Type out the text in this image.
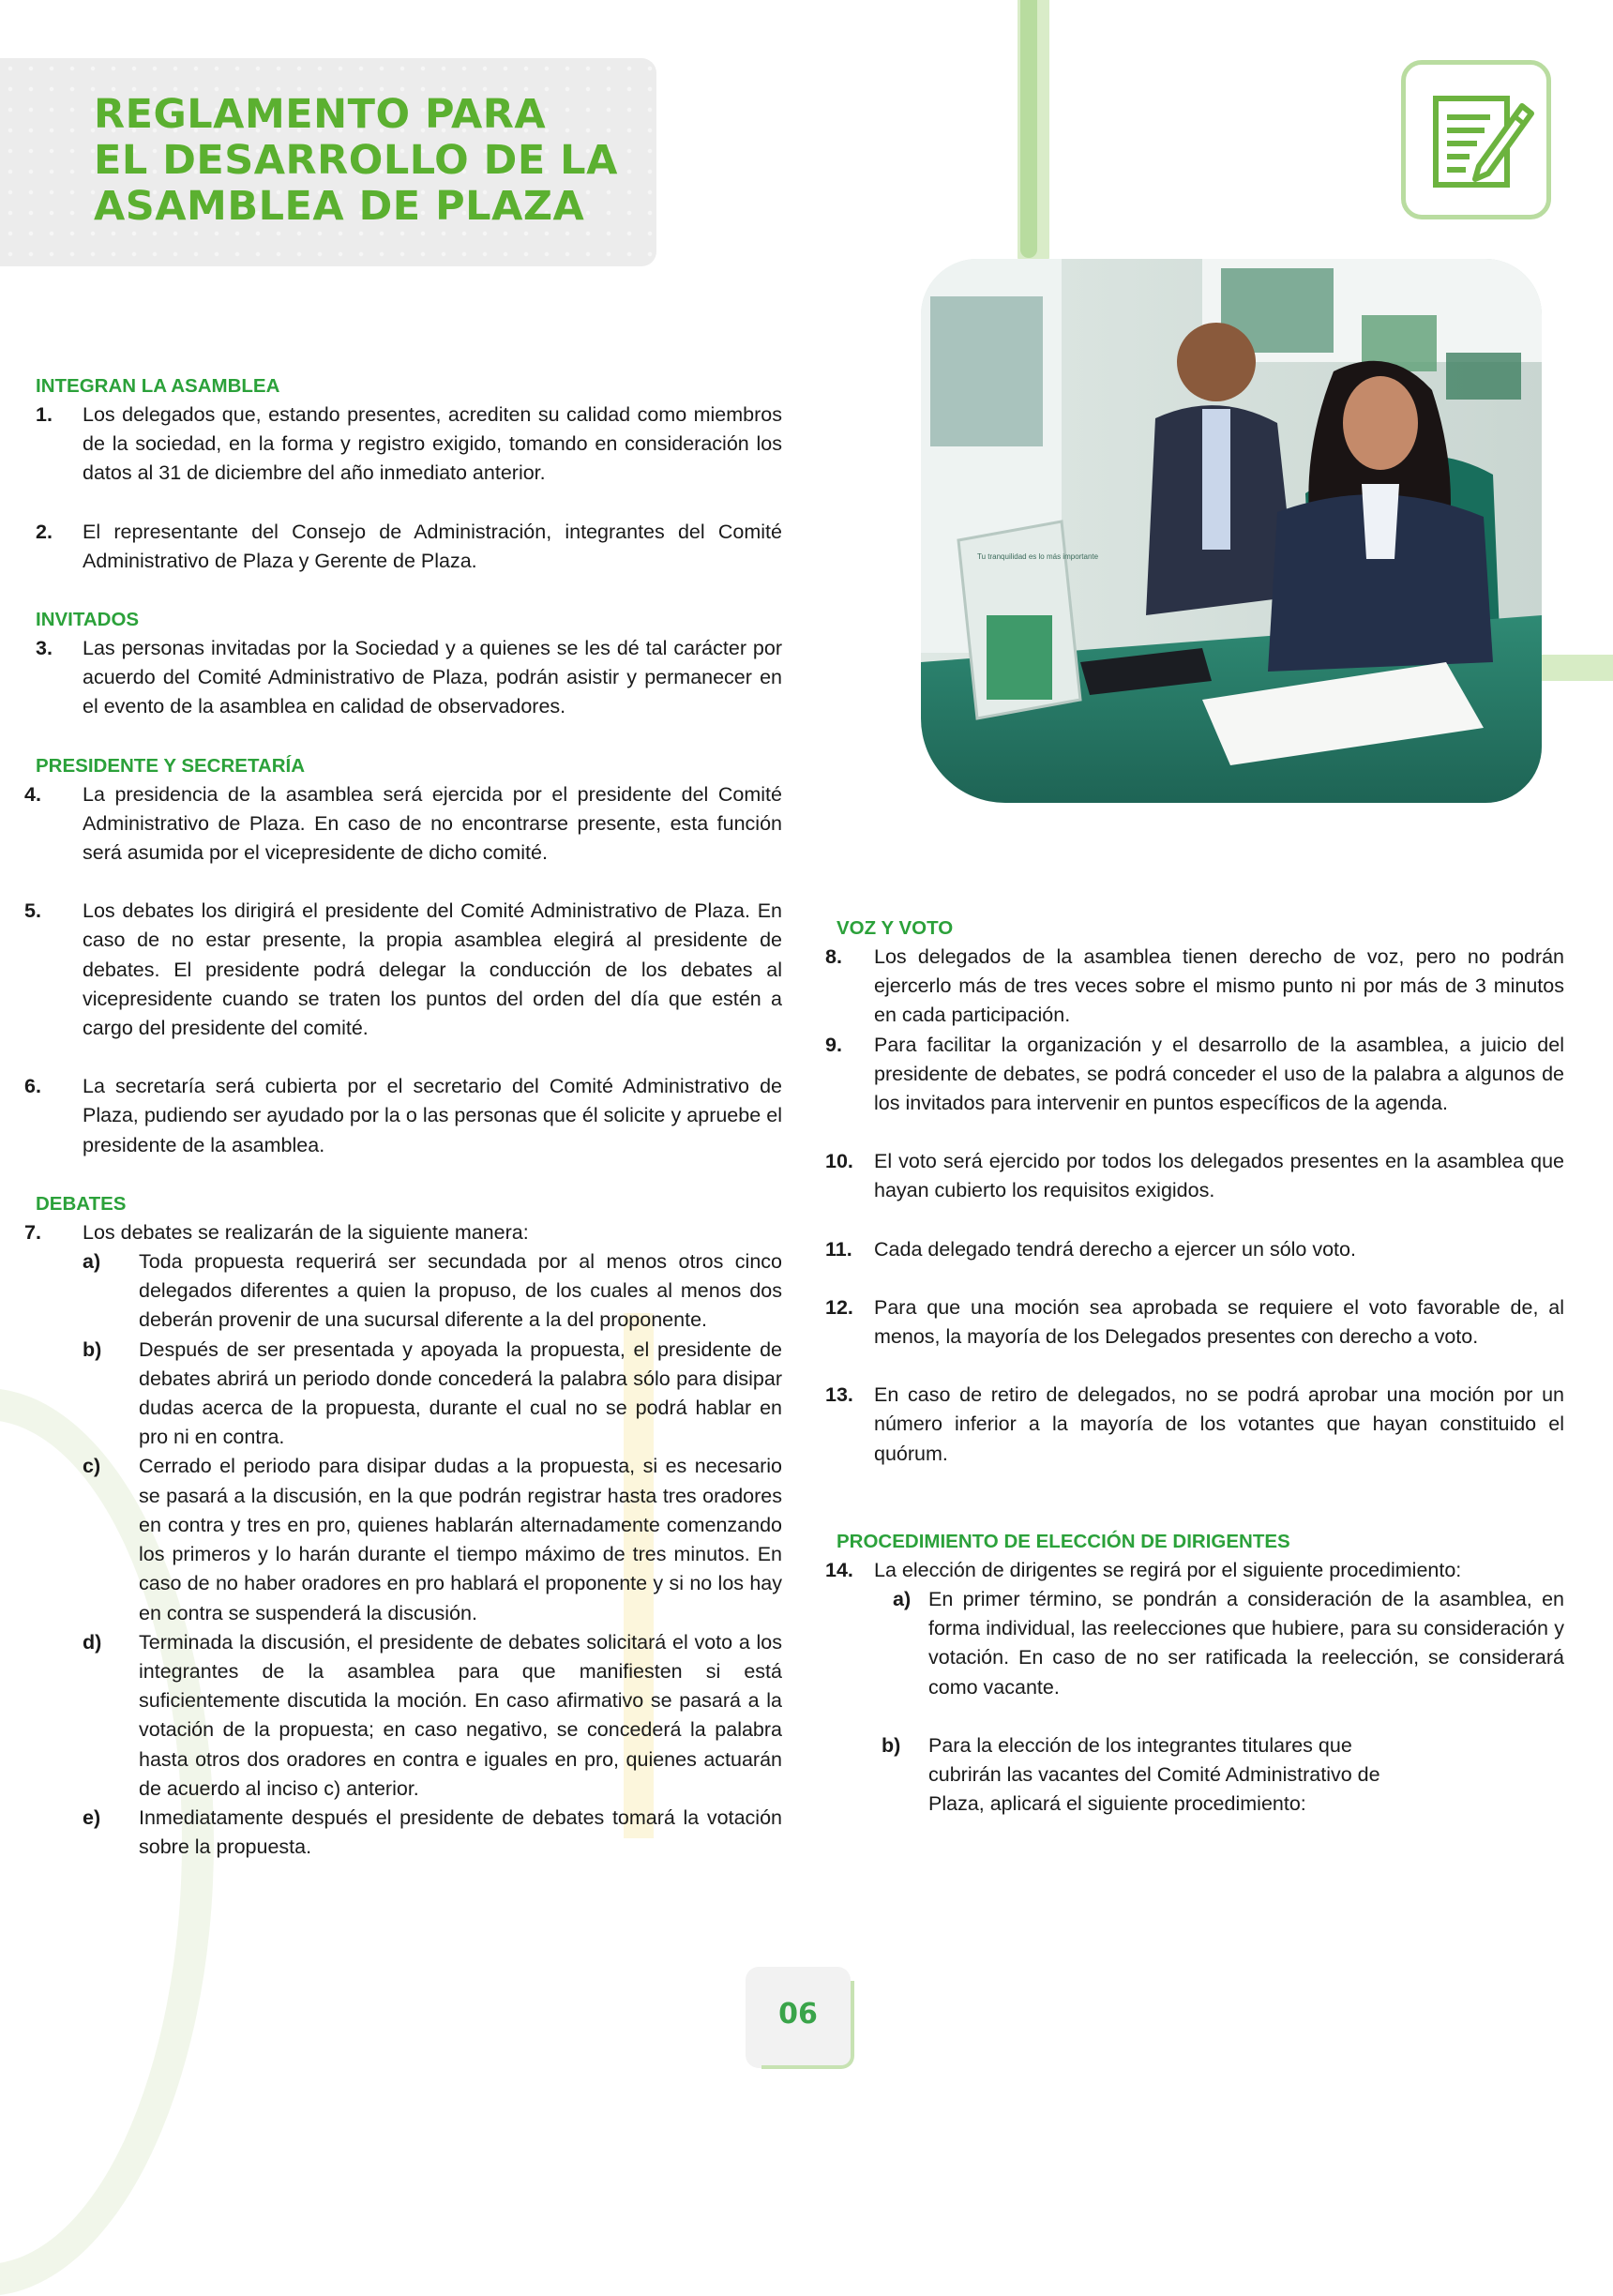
REGLAMENTO PARA
EL DESARROLLO DE LA
ASAMBLEA DE PLAZA
Tu tranquilidad es lo más importante

INTEGRAN LA ASAMBLEA

1.	Los delegados que, estando presentes, acrediten su calidad como miembros de la sociedad, en la forma y registro exigido, tomando en consideración los datos al 31 de diciembre del año inmediato anterior.
2.	El representante del Consejo de Administración, integrantes del Comité Administrativo de Plaza y Gerente de Plaza.

INVITADOS

3.	Las personas invitadas por la Sociedad y a quienes se les dé tal carácter por acuerdo del Comité Administrativo de Plaza, podrán asistir y permanecer en el evento de la asamblea en calidad de observadores.

PRESIDENTE Y SECRETARÍA

4.	La presidencia de la asamblea será ejercida por el presidente del Comité Administrativo de Plaza. En caso de no encontrarse presente, esta función será asumida por el vicepresidente de dicho comité.
5.	Los debates los dirigirá el presidente del Comité Administrativo de Plaza. En caso de no estar presente, la propia asamblea elegirá al presidente de debates. El presidente podrá delegar la conducción de los debates al vicepresidente cuando se traten los puntos del orden del día que estén a cargo del presidente del comité.
6.	La secretaría será cubierta por el secretario del Comité Administrativo de Plaza, pudiendo ser ayudado por la o las personas que él solicite y apruebe el presidente de la asamblea.

DEBATES

7.	Los debates se realizarán de la siguiente manera:
a)	Toda propuesta requerirá ser secundada por al menos otros cinco delegados diferentes a quien la propuso, de los cuales al menos dos deberán provenir de una sucursal diferente a la del proponente.
b)	Después de ser presentada y apoyada la propuesta, el presidente de debates abrirá un periodo donde concederá la palabra sólo para disipar dudas acerca de la propuesta, durante el cual no se podrá hablar en pro ni en contra.
c)	Cerrado el periodo para disipar dudas a la propuesta, si es necesario se pasará a la discusión, en la que podrán registrar hasta tres oradores en contra y tres en pro, quienes hablarán alternadamente comenzando los primeros y lo harán durante el tiempo máximo de tres minutos. En caso de no haber oradores en pro hablará el proponente y si no los hay en contra se suspenderá la discusión.
d)	Terminada la discusión, el presidente de debates solicitará el voto a los integrantes de la asamblea para que manifiesten si está suficientemente discutida la moción. En caso afirmativo se pasará a la votación de la propuesta; en caso negativo, se concederá la palabra hasta otros dos oradores en contra e iguales en pro, quienes actuarán de acuerdo al inciso c) anterior.
e)	Inmediatamente después el presidente de debates tomará la votación sobre la propuesta.

VOZ Y VOTO

8.	Los delegados de la asamblea tienen derecho de voz, pero no podrán ejercerlo más de tres veces sobre el mismo punto ni por más de 3 minutos en cada participación.
9.	Para facilitar la organización y el desarrollo de la asamblea, a juicio del presidente de debates, se podrá conceder el uso de la palabra a algunos de los invitados para intervenir en puntos específicos de la agenda.
10.	El voto será ejercido por todos los delegados presentes en la asamblea que hayan cubierto los requisitos exigidos.
11.	Cada delegado tendrá derecho a ejercer un sólo voto.
12.	Para que una moción sea aprobada se requiere el voto favorable de, al menos, la mayoría de los Delegados presentes con derecho a voto.
13.	En caso de retiro de delegados, no se podrá aprobar una moción por un número inferior a la mayoría de los votantes que hayan constituido el quórum.

PROCEDIMIENTO DE ELECCIÓN DE DIRIGENTES

14.	La elección de dirigentes se regirá por el siguiente procedimiento:
a) En primer término, se pondrán a consideración de la asamblea, en forma individual, las reelecciones que hubiere, para su consideración y votación. En caso de no ser ratificada la reelección, se considerará como vacante.
b)	Para la elección de los integrantes titulares que cubrirán las vacantes del Comité Administrativo de Plaza, aplicará el siguiente procedimiento:
06
